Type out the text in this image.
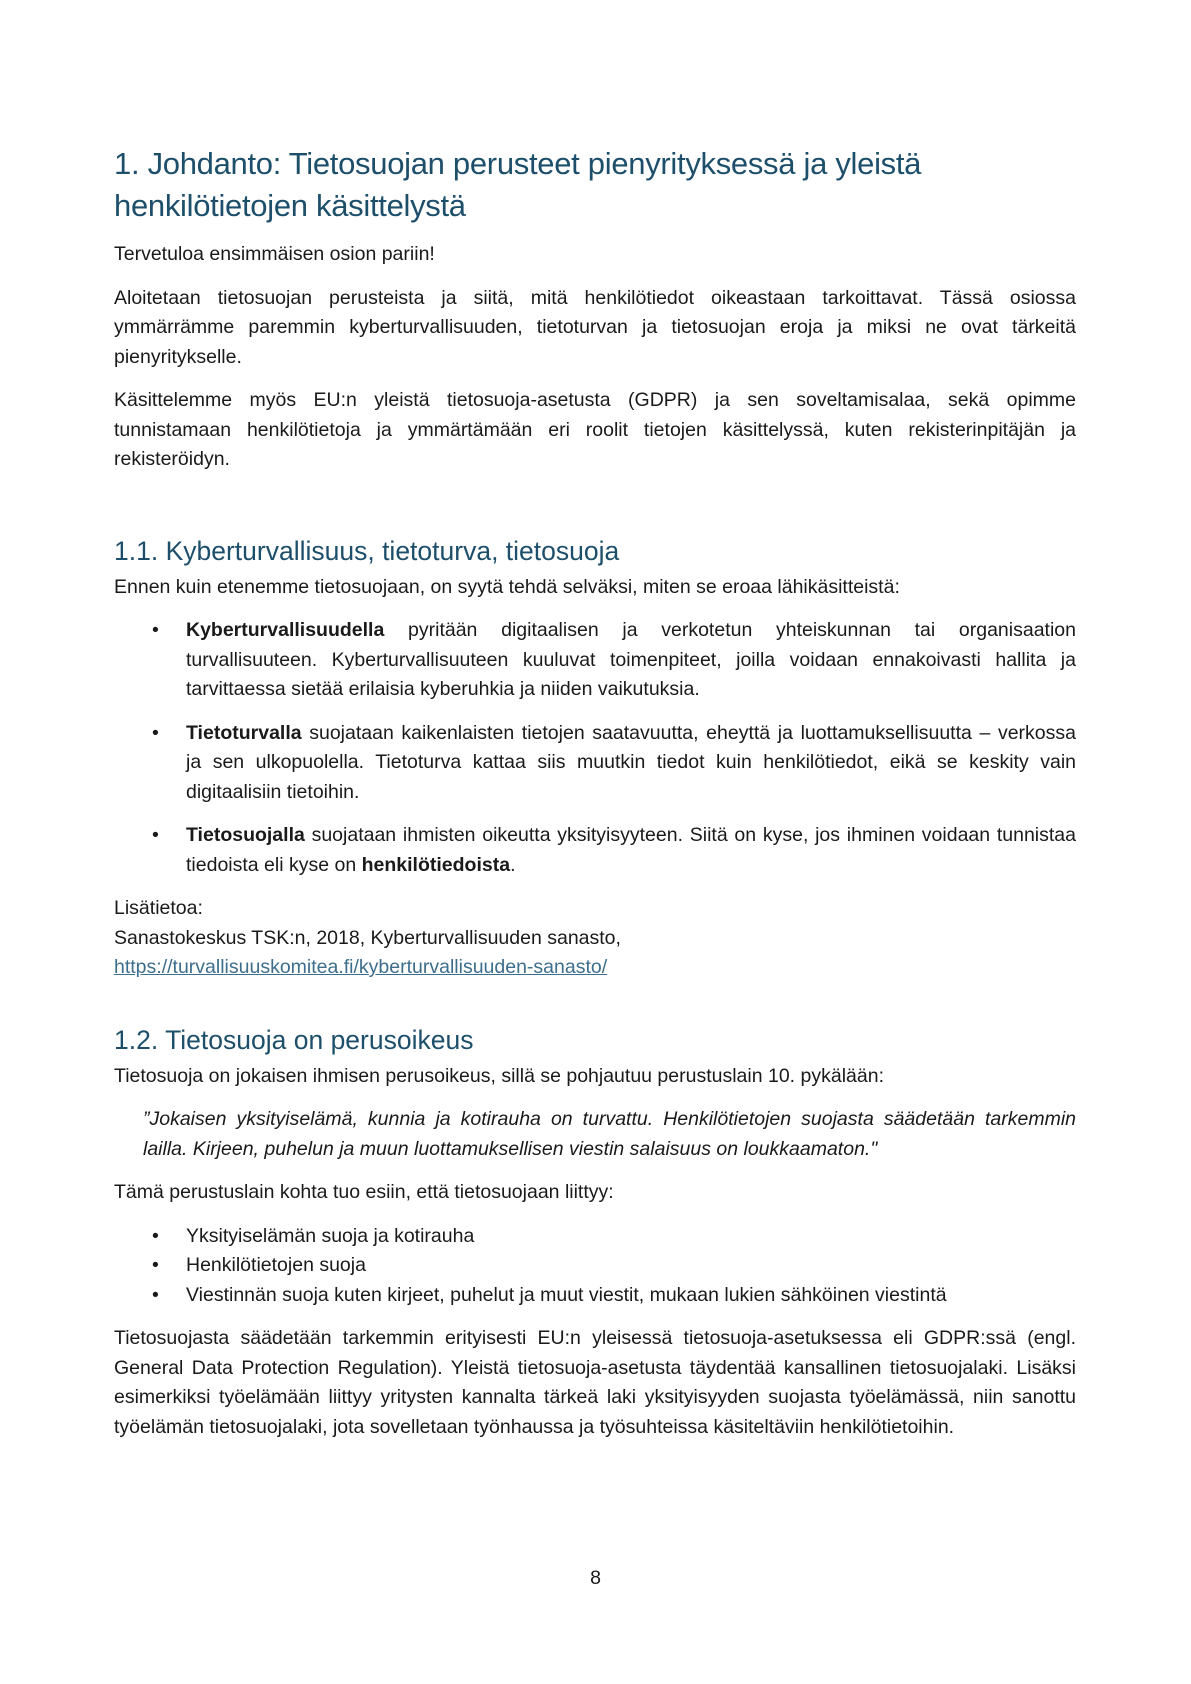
1. Johdanto: Tietosuojan perusteet pienyrityksessä ja yleistä henkilötietojen käsittelystä

Tervetuloa ensimmäisen osion pariin!

Aloitetaan tietosuojan perusteista ja siitä, mitä henkilötiedot oikeastaan tarkoittavat. Tässä osiossa ymmärrämme paremmin kyberturvallisuuden, tietoturvan ja tietosuojan eroja ja miksi ne ovat tärkeitä pienyritykselle.

Käsittelemme myös EU:n yleistä tietosuoja-asetusta (GDPR) ja sen soveltamisalaa, sekä opimme tunnistamaan henkilötietoja ja ymmärtämään eri roolit tietojen käsittelyssä, kuten rekisterinpitäjän ja rekisteröidyn.

1.1. Kyberturvallisuus, tietoturva, tietosuoja

Ennen kuin etenemme tietosuojaan, on syytä tehdä selväksi, miten se eroaa lähikäsitteistä:

• Kyberturvallisuudella pyritään digitaalisen ja verkotetun yhteiskunnan tai organisaation turvallisuuteen. Kyberturvallisuuteen kuuluvat toimenpiteet, joilla voidaan ennakoivasti hallita ja tarvittaessa sietää erilaisia kyberuhkia ja niiden vaikutuksia.
• Tietoturvalla suojataan kaikenlaisten tietojen saatavuutta, eheyttä ja luottamuksellisuutta – verkossa ja sen ulkopuolella. Tietoturva kattaa siis muutkin tiedot kuin henkilötiedot, eikä se keskity vain digitaalisiin tietoihin.
• Tietosuojalla suojataan ihmisten oikeutta yksityisyyteen. Siitä on kyse, jos ihminen voidaan tunnistaa tiedoista eli kyse on henkilötiedoista.

Lisätietoa:

Sanastokeskus TSK:n, 2018, Kyberturvallisuuden sanasto,

https://turvallisuuskomitea.fi/kyberturvallisuuden-sanasto/

1.2. Tietosuoja on perusoikeus

Tietosuoja on jokaisen ihmisen perusoikeus, sillä se pohjautuu perustuslain 10. pykälään:

”Jokaisen yksityiselämä, kunnia ja kotirauha on turvattu. Henkilötietojen suojasta säädetään tarkemmin lailla. Kirjeen, puhelun ja muun luottamuksellisen viestin salaisuus on loukkaamaton."

Tämä perustuslain kohta tuo esiin, että tietosuojaan liittyy:

• Yksityiselämän suoja ja kotirauha
• Henkilötietojen suoja
• Viestinnän suoja kuten kirjeet, puhelut ja muut viestit, mukaan lukien sähköinen viestintä

Tietosuojasta säädetään tarkemmin erityisesti EU:n yleisessä tietosuoja-asetuksessa eli GDPR:ssä (engl. General Data Protection Regulation). Yleistä tietosuoja-asetusta täydentää kansallinen tietosuojalaki. Lisäksi esimerkiksi työelämään liittyy yritysten kannalta tärkeä laki yksityisyyden suojasta työelämässä, niin sanottu työelämän tietosuojalaki, jota sovelletaan työnhaussa ja työsuhteissa käsiteltäviin henkilötietoihin.

8
